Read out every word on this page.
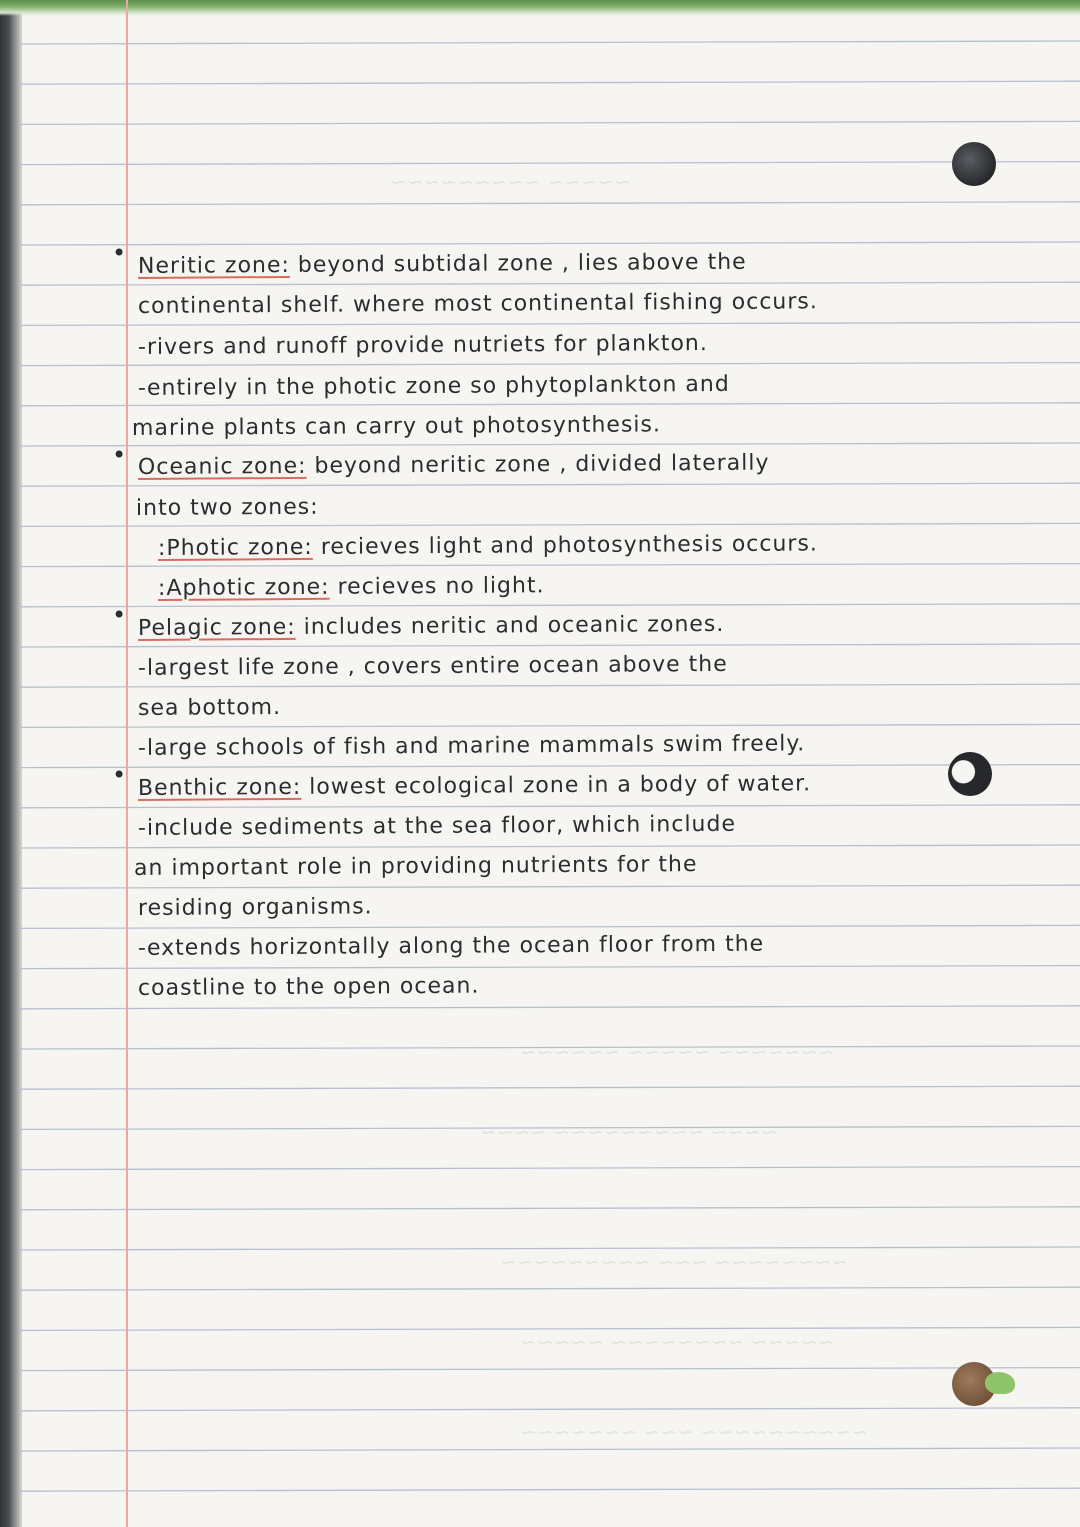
~~~~~ ~~~~~~~~~
~~~~~~~ ~~~~~ ~~~~~~
~~~~ ~~~~~~~~~ ~~~~
~~~~~~~~ ~~~ ~~~~~~~~~
~~~~~ ~~~~~~~~ ~~~~~
~~~~~~~~~~ ~~~ ~~~~~~~
• Neritic zone: beyond subtidal zone , lies above the
continental shelf. where most continental fishing occurs.
-rivers and runoff provide nutriets for plankton.
-entirely in the photic zone so phytoplankton and
marine plants can carry out photosynthesis.
• Oceanic zone: beyond neritic zone , divided laterally
into two zones:
:Photic zone: recieves light and photosynthesis occurs.
:Aphotic zone: recieves no light.
• Pelagic zone: includes neritic and oceanic zones.
-largest life zone , covers entire ocean above the
sea bottom.
-large schools of fish and marine mammals swim freely.
• Benthic zone: lowest ecological zone in a body of water.
-include sediments at the sea floor, which include
an important role in providing nutrients for the
residing organisms.
-extends horizontally along the ocean floor from the
coastline to the open ocean.
